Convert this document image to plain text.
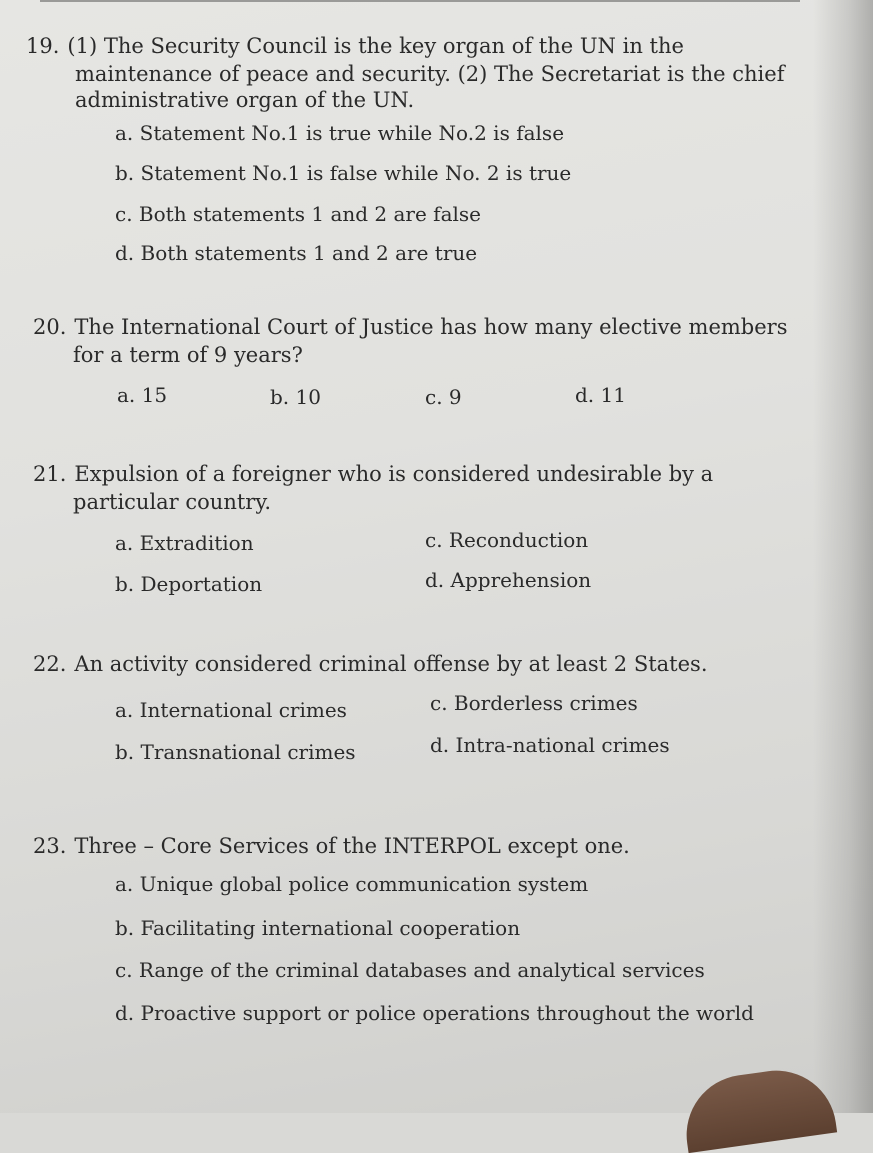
19. (1) The Security Council is the key organ of the UN in the
maintenance of peace and security. (2) The Secretariat is the chief
administrative organ of the UN.
a. Statement No.1 is true while No.2 is false
b. Statement No.1 is false while No. 2 is true
c. Both statements 1 and 2 are false
d. Both statements 1 and 2 are true
20. The International Court of Justice has how many elective members
for a term of 9 years?
a. 15	b. 10	c. 9	d. 11
21. Expulsion of a foreigner who is considered undesirable by a
particular country.
a. Extradition	c. Reconduction
b. Deportation	d. Apprehension
22. An activity considered criminal offense by at least 2 States.
a. International crimes	c. Borderless crimes
b. Transnational crimes	d. Intra-national crimes
23. Three – Core Services of the INTERPOL except one.
a. Unique global police communication system
b. Facilitating international cooperation
c. Range of the criminal databases and analytical services
d. Proactive support or police operations throughout the world
